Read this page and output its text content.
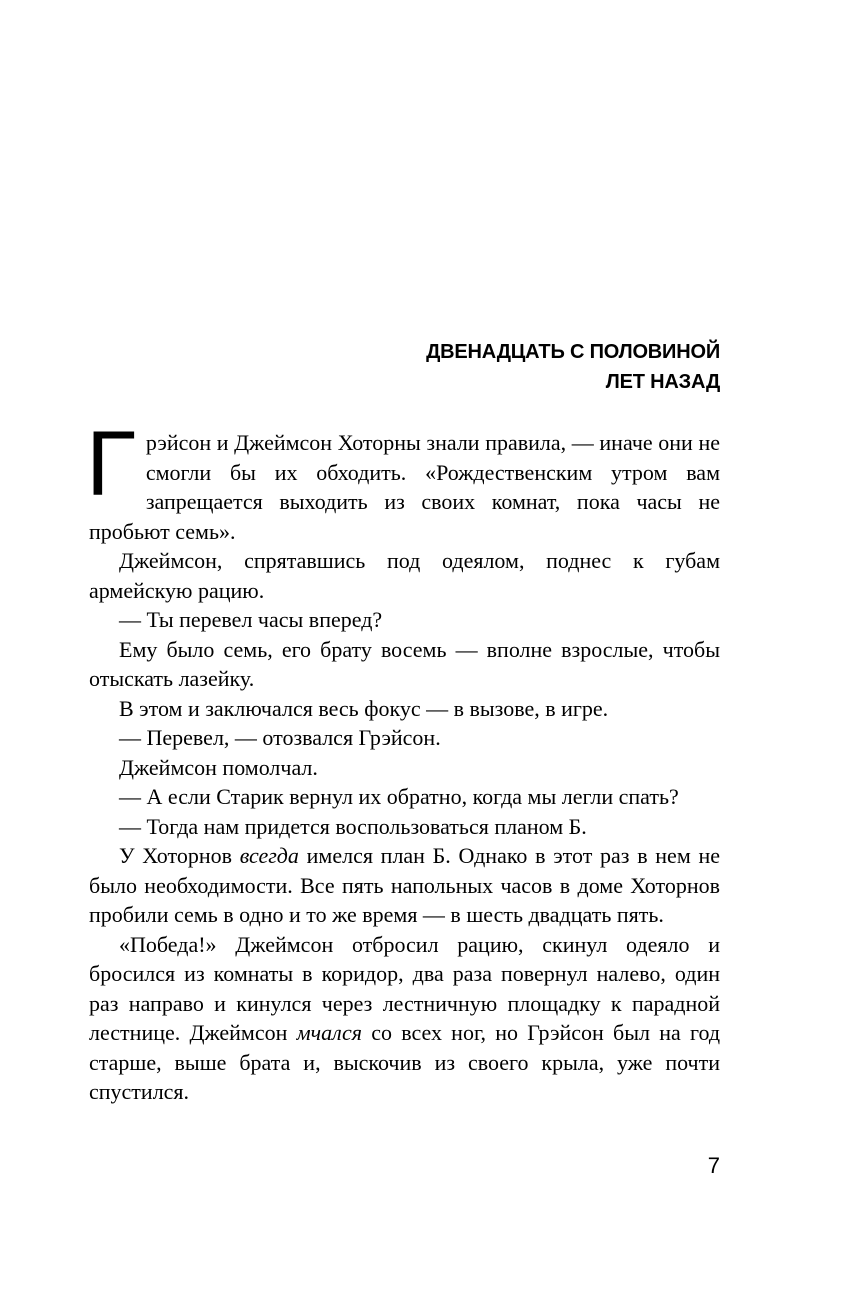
ДВЕНАДЦАТЬ С ПОЛОВИНОЙ
ЛЕТ НАЗАД

Грэйсон и Джеймсон Хоторны знали правила, — иначе они не смогли бы их обходить. «Рождественским утром вам запрещается выходить из своих комнат, пока часы не пробьют семь».

Джеймсон, спрятавшись под одеялом, поднес к губам армейскую рацию.

— Ты перевел часы вперед?

Ему было семь, его брату восемь — вполне взрослые, чтобы отыскать лазейку.

В этом и заключался весь фокус — в вызове, в игре.

— Перевел, — отозвался Грэйсон.

Джеймсон помолчал.

— А если Старик вернул их обратно, когда мы легли спать?

— Тогда нам придется воспользоваться планом Б.

У Хоторнов всегда имелся план Б. Однако в этот раз в нем не было необходимости. Все пять напольных часов в доме Хоторнов пробили семь в одно и то же время — в шесть двадцать пять.

«Победа!» Джеймсон отбросил рацию, скинул одеяло и бросился из комнаты в коридор, два раза повернул налево, один раз направо и кинулся через лестничную площадку к парадной лестнице. Джеймсон мчался со всех ног, но Грэйсон был на год старше, выше брата и, выскочив из своего крыла, уже почти спустился.

7
